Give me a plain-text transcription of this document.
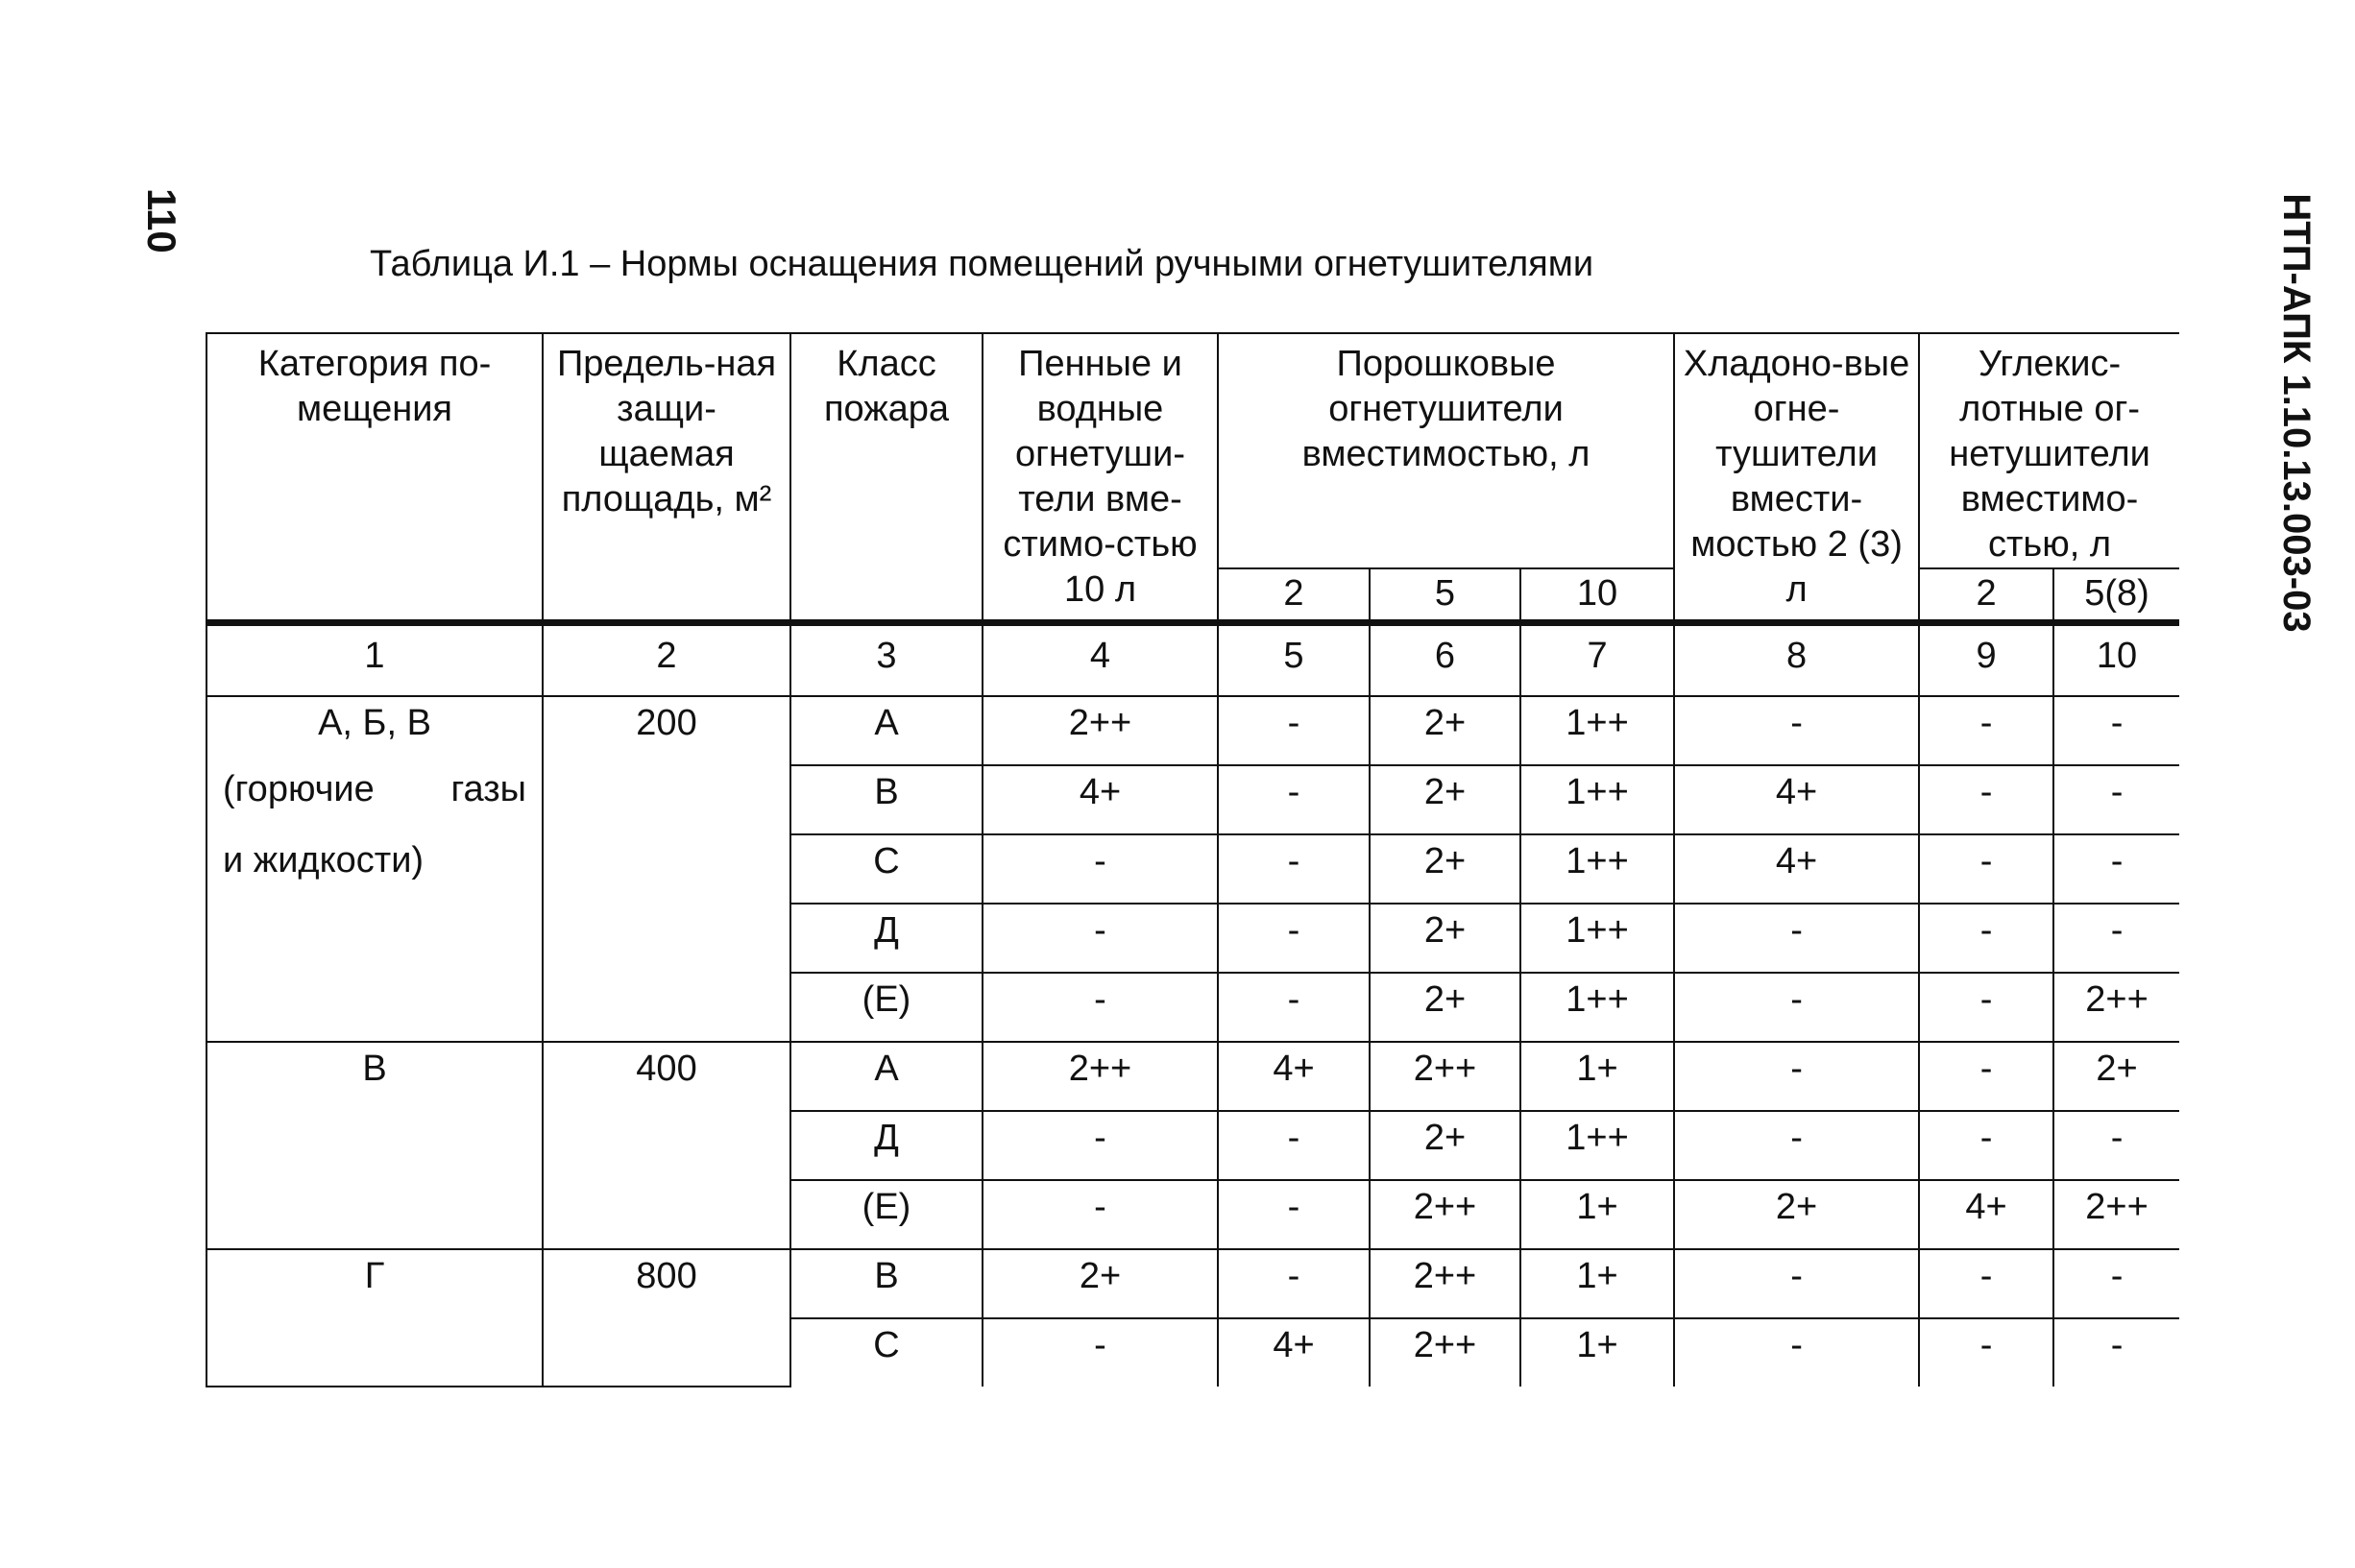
110	НТП-АПК 1.10.13.003-03
Таблица И.1 – Нормы оснащения помещений ручными огнетушителями
Категория по-мещения	Предель-ная защи-щаемая площадь, м²	Класс пожара	Пенные и водные огнетуши-тели вме-стимо-стью 10 л	Порошковые огнетушители вместимостью, л			Хладоно-вые огне-тушители вмести-мостью 2 (3) л	Углекис-лотные ог-нетушители вместимо-стью, л	
				2	5	10		2	5(8)
1	2	3	4	5	6	7	8	9	10
А, Б, В
(горючие газы
и жидкости)	200	А	2++	-	2+	1++	-	-	-
		В	4+	-	2+	1++	4+	-	-
		С	-	-	2+	1++	4+	-	-
		Д	-	-	2+	1++	-	-	-
		(Е)	-	-	2+	1++	-	-	2++
В	400	А	2++	4+	2++	1+	-	-	2+
		Д	-	-	2+	1++	-	-	-
		(Е)	-	-	2++	1+	2+	4+	2++
Г	800	В	2+	-	2++	1+	-	-	-
		С	-	4+	2++	1+	-	-	-
